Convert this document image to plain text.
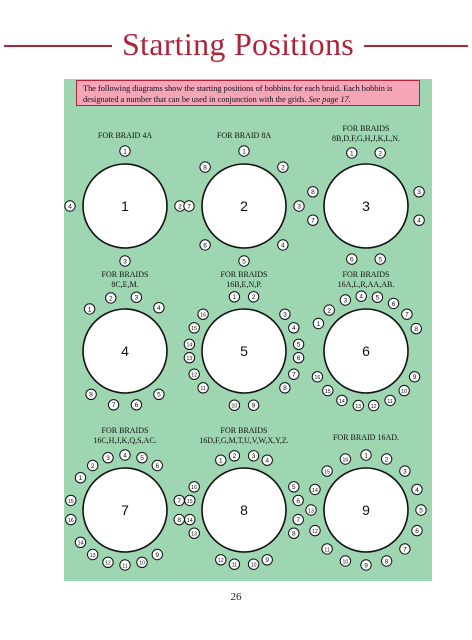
Starting Positions
The following diagrams show the starting positions of bobbins for each braid. Each bobbin is designated a number that can be used in conjunction with the grids. See page 17.
FOR BRAID 4A	FOR BRAID 8A
FOR BRAIDS
8B,D,F,G,H,J,K,L,N.
FOR BRAIDS
8C,E,M.
FOR BRAIDS
16B,E,N,P.
FOR BRAIDS
16A,L,R,AA,AB.
FOR BRAIDS
16C,H,J,K,Q,S,AC.
FOR BRAIDS
16D,F,G,M,T,U,V,W,X,Y,Z.	FOR BRAID 16AD.
1
1
2
3
4	2
1
2
3
4
5
6
7
8
3
1	2
3
4
5
6
7
8
4
1
2	3
4
5
6
7
8
5
1 2
3
4
5
6
7
8
9
10
11
12
13
14
15
16
6
1
2
3
4 5
6
7
8
9
10
11
12
13
14
15
16
7
1
2
3 4 5
6
7
8
9
10
11
12
13
14
15
16
8
1
2 3
4
5
6
7
8
9
10
11
12
13
14
15
16
9
1
2
3
4
5
6
7
8
9
10
11
12
13
14
15
16
26
